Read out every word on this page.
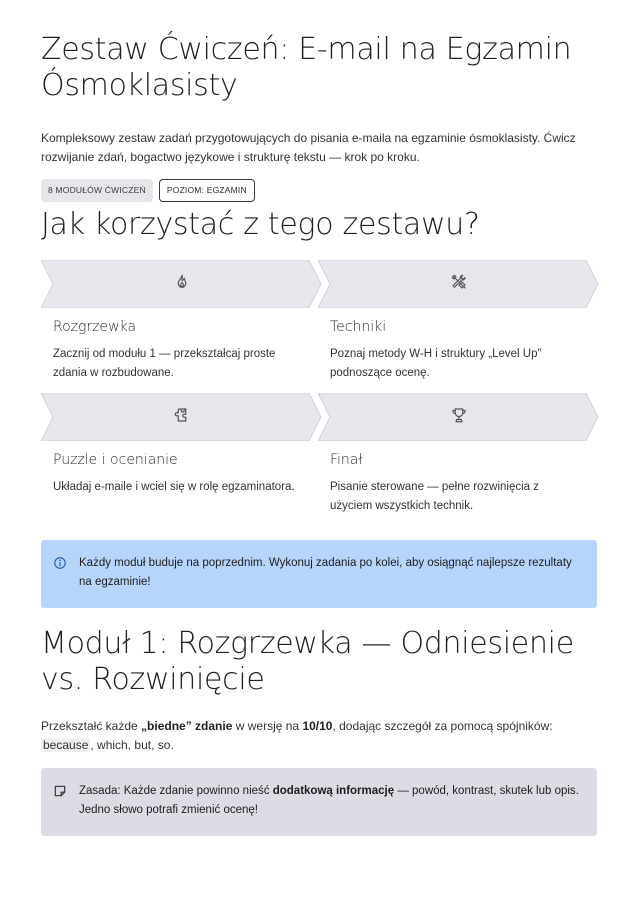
Zestaw Ćwiczeń: E-mail na Egzamin Ósmoklasisty

Kompleksowy zestaw zadań przygotowujących do pisania e-maila na egzaminie ósmoklasisty. Ćwicz rozwijanie zdań, bogactwo językowe i strukturę tekstu — krok po kroku.

8 MODUŁÓW ĆWICZEŃ	POZIOM: EGZAMIN
Jak korzystać z tego zestawu?
Rozgrzewka
Zacznij od modułu 1 — przekształcaj proste zdania w rozbudowane.
Techniki
Poznaj metody W-H i struktury „Level Up” podnoszące ocenę.
Puzzle i ocenianie
Układaj e-maile i wciel się w rolę egzaminatora.
Finał
Pisanie sterowane — pełne rozwinięcia z użyciem wszystkich technik.
Każdy moduł buduje na poprzednim. Wykonuj zadania po kolei, aby osiągnąć najlepsze rezultaty na egzaminie!
Moduł 1: Rozgrzewka — Odniesienie vs. Rozwinięcie

Przekształć każde „biedne” zdanie w wersję na 10/10, dodając szczegół za pomocą spójników: because , which, but, so.

Zasada: Każde zdanie powinno nieść dodatkową informację — powód, kontrast, skutek lub opis. Jedno słowo potrafi zmienić ocenę!
